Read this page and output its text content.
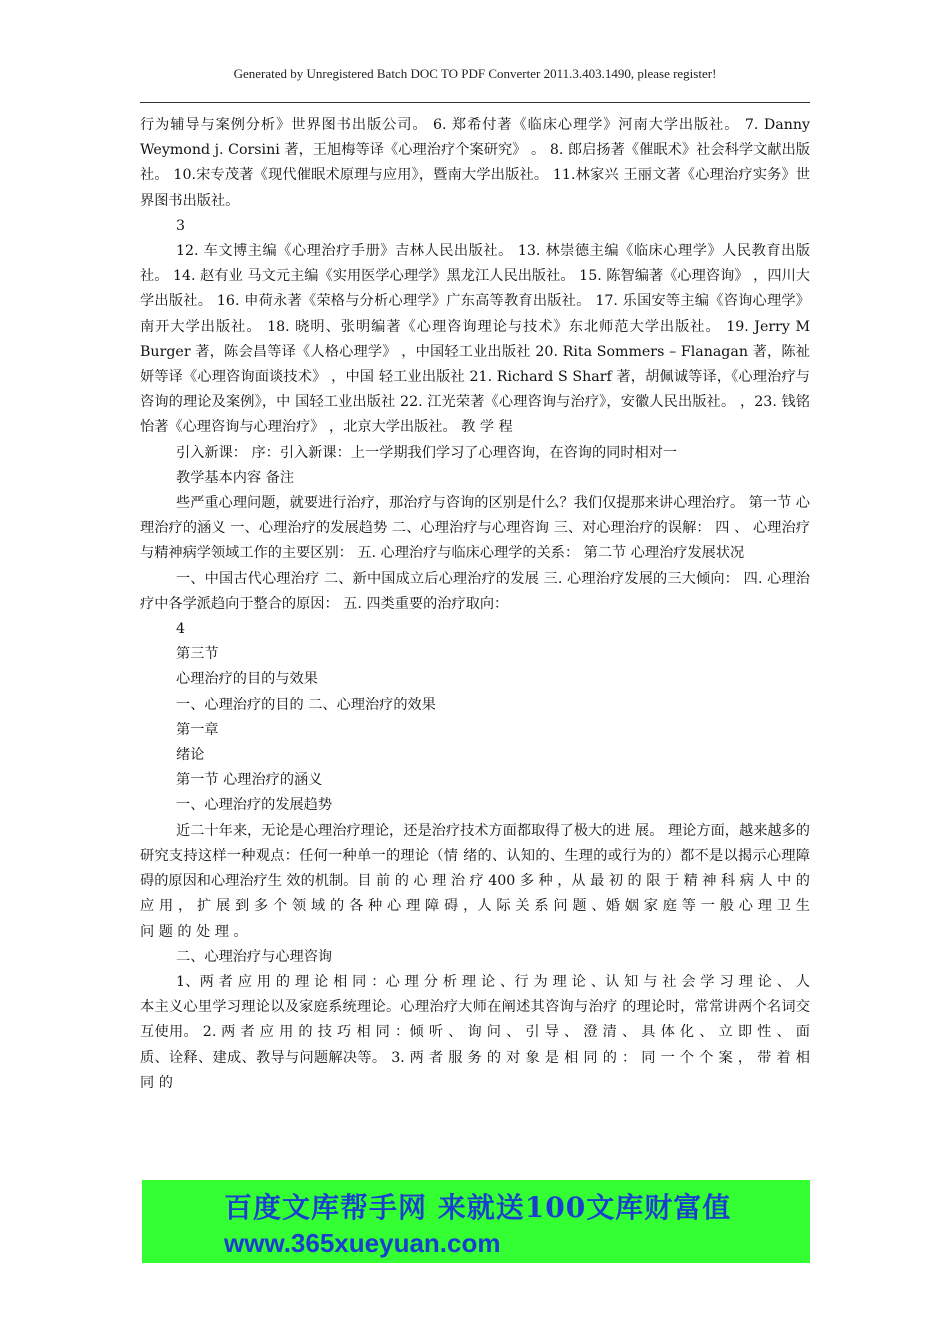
Generated by Unregistered Batch DOC TO PDF Converter 2011.3.403.1490, please register!

行为辅导与案例分析》世界图书出版公司。 6. 郑希付著《临床心理学》河南大学出版社。 7. Danny Weymond j. Corsini 著，王旭梅等译《心理治疗个案研究》 。 8. 郎启扬著《催眠术》社会科学文献出版社。 10.宋专茂著《现代催眠术原理与应用》，暨南大学出版社。 11.林家兴 王丽文著《心理治疗实务》世界图书出版社。

3

12. 车文博主编《心理治疗手册》吉林人民出版社。 13. 林崇德主编《临床心理学》人民教育出版社。 14. 赵有业 马文元主编《实用医学心理学》黑龙江人民出版社。 15. 陈智编著《心理咨询》 ，四川大学出版社。 16. 申荷永著《荣格与分析心理学》广东高等教育出版社。 17. 乐国安等主编《咨询心理学》南开大学出版社。 18. 晓明、张明编著《心理咨询理论与技术》东北师范大学出版社。 19. Jerry M Burger 著，陈会昌等译《人格心理学》 ，中国轻工业出版社 20. Rita Sommers – Flanagan 著，陈祉妍等译《心理咨询面谈技术》 ，中国 轻工业出版社 21. Richard S Sharf 著，胡佩诚等译，《心理治疗与咨询的理论及案例》，中 国轻工业出版社 22. 江光荣著《心理咨询与治疗》，安徽人民出版社。 ，23. 钱铭怡著《心理咨询与心理治疗》 ，北京大学出版社。 教 学 程

引入新课： 序：引入新课：上一学期我们学习了心理咨询，在咨询的同时相对一

教学基本内容 备注

些严重心理问题，就要进行治疗，那治疗与咨询的区别是什么？我们仅提那来讲心理治疗。 第一节 心理治疗的涵义 一、心理治疗的发展趋势 二、心理治疗与心理咨询 三、对心理治疗的误解： 四 、 心理治疗与精神病学领域工作的主要区别： 五. 心理治疗与临床心理学的关系： 第二节 心理治疗发展状况

一、中国古代心理治疗 二、新中国成立后心理治疗的发展 三. 心理治疗发展的三大倾向： 四. 心理治疗中各学派趋向于整合的原因： 五. 四类重要的治疗取向：

4

第三节

心理治疗的目的与效果

一、心理治疗的目的 二、心理治疗的效果

第一章

绪论

第一节 心理治疗的涵义

一、心理治疗的发展趋势

近二十年来，无论是心理治疗理论，还是治疗技术方面都取得了极大的进 展。 理论方面，越来越多的研究支持这样一种观点：任何一种单一的理论（情 绪的、认知的、生理的或行为的）都不是以揭示心理障碍的原因和心理治疗生 效的机制。目 前 的 心 理 治 疗 400 多 种 ，从 最 初 的 限 于 精 神 科 病 人 中 的 应 用 ， 扩 展 到 多 个 领 域 的 各 种 心 理 障 碍 ，人 际 关 系 问 题 、婚 姻 家 庭 等 一 般 心 理 卫 生 问 题 的 处 理 。

二、心理治疗与心理咨询

1、两 者 应 用 的 理 论 相 同 ：心 理 分 析 理 论 、行 为 理 论 、认 知 与 社 会 学 习 理 论 、 人本主义心里学习理论以及家庭系统理论。心理治疗大师在阐述其咨询与治疗 的理论时，常常讲两个名词交互使用。 2. 两 者 应 用 的 技 巧 相 同 ：倾 听 、 询 问 、 引 导 、 澄 清 、 具 体 化 、 立 即 性 、 面 质、诠释、建成、教导与问题解决等。 3. 两 者 服 务 的 对 象 是 相 同 的 ： 同 一 个 个 案 ， 带 着 相 同 的

百度文库帮手网 来就送100文库财富值
www.365xueyuan.com
